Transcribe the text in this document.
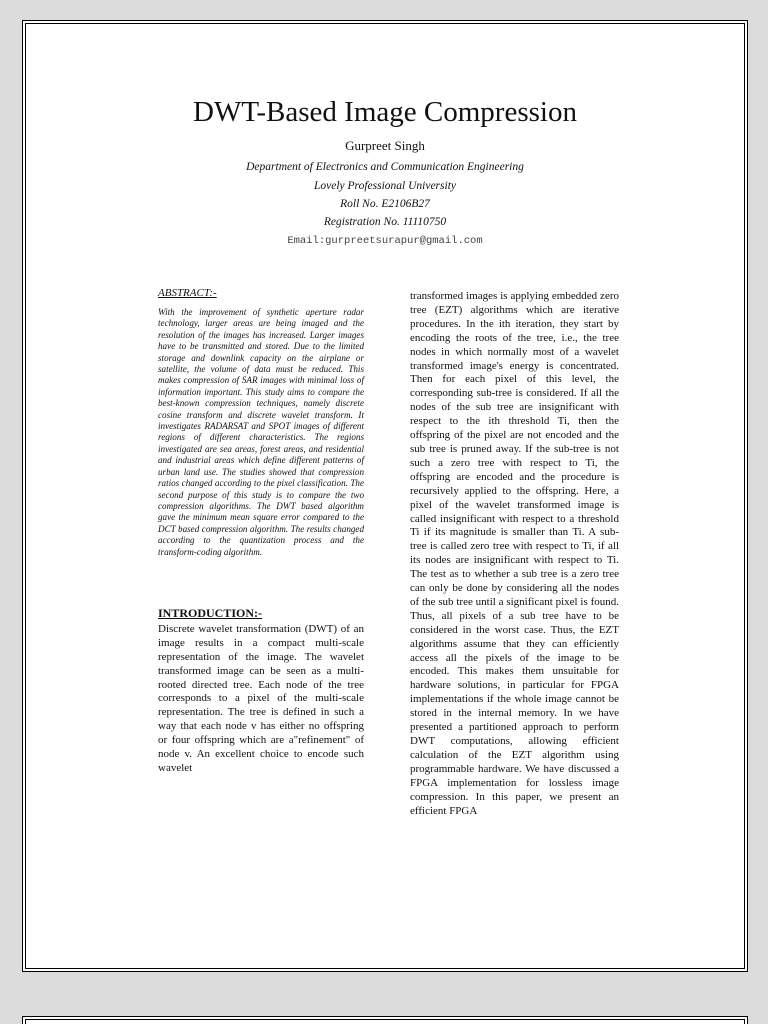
DWT-Based Image Compression
Gurpreet Singh
Department of Electronics and Communication Engineering
Lovely Professional University
Roll No. E2106B27
Registration No. 11110750
Email:gurpreetsurapur@gmail.com
ABSTRACT:-

With the improvement of synthetic aperture radar technology, larger areas are being imaged and the resolution of the images has increased. Larger images have to be transmitted and stored. Due to the limited storage and downlink capacity on the airplane or satellite, the volume of data must be reduced. This makes compression of SAR images with minimal loss of information important. This study aims to compare the best-known compression techniques, namely discrete cosine transform and discrete wavelet transform. It investigates RADARSAT and SPOT images of different regions of different characteristics. The regions investigated are sea areas, forest areas, and residential and industrial areas which define different patterns of urban land use. The studies showed that compression ratios changed according to the pixel classification. The second purpose of this study is to compare the two compression algorithms. The DWT based algorithm gave the minimum mean square error compared to the DCT based compression algorithm. The results changed according to the quantization process and the transform-coding algorithm.

INTRODUCTION:-

Discrete wavelet transformation (DWT) of an image results in a compact multi-scale representation of the image. The wavelet transformed image can be seen as a multi-rooted directed tree. Each node of the tree corresponds to a pixel of the multi-scale representation. The tree is defined in such a way that each node v has either no offspring or four offspring which are a"refinement" of node v. An excellent choice to encode such wavelet

transformed images is applying embedded zero tree (EZT) algorithms which are iterative procedures. In the ith iteration, they start by encoding the roots of the tree, i.e., the tree nodes in which normally most of a wavelet transformed image's energy is concentrated. Then for each pixel of this level, the corresponding sub-tree is considered. If all the nodes of the sub tree are insignificant with respect to the ith threshold Ti, then the offspring of the pixel are not encoded and the sub tree is pruned away. If the sub-tree is not such a zero tree with respect to Ti, the offspring are encoded and the procedure is recursively applied to the offspring. Here, a pixel of the wavelet transformed image is called insignificant with respect to a threshold Ti if its magnitude is smaller than Ti. A sub-tree is called zero tree with respect to Ti, if all its nodes are insignificant with respect to Ti. The test as to whether a sub tree is a zero tree can only be done by considering all the nodes of the sub tree until a significant pixel is found. Thus, all pixels of a sub tree have to be considered in the worst case. Thus, the EZT algorithms assume that they can efficiently access all the pixels of the image to be encoded. This makes them unsuitable for hardware solutions, in particular for FPGA implementations if the whole image cannot be stored in the internal memory. In we have presented a partitioned approach to perform DWT computations, allowing efficient calculation of the EZT algorithm using programmable hardware. We have discussed a FPGA implementation for lossless image compression. In this paper, we present an efficient FPGA
